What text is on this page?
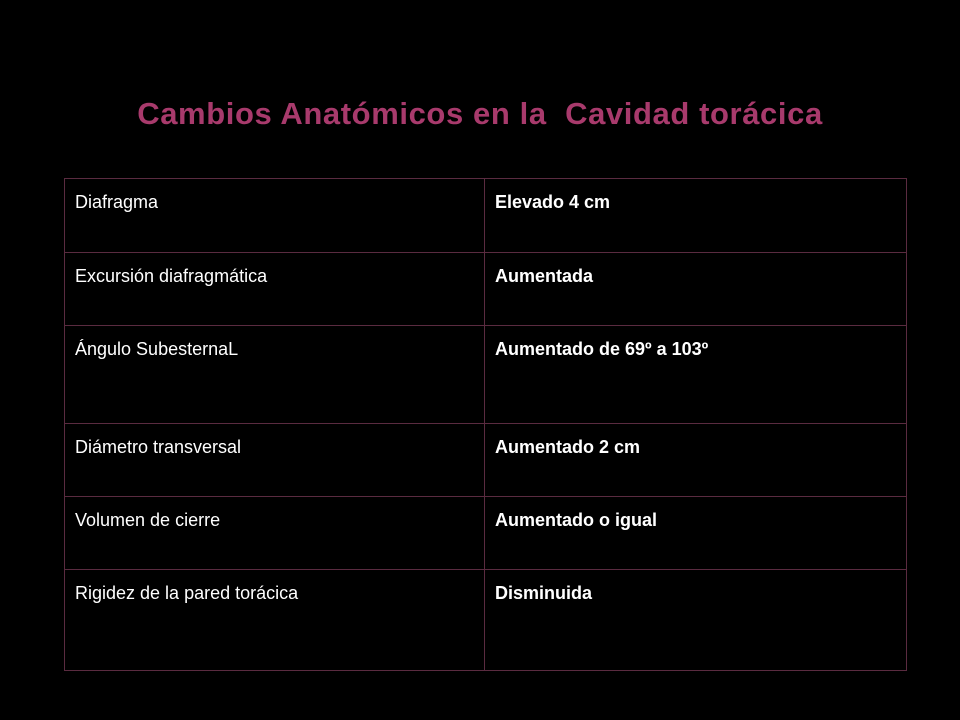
Cambios Anatómicos en la  Cavidad torácica
Diafragma	Elevado 4 cm
Excursión diafragmática	Aumentada
Ángulo SubesternaL	Aumentado de 69º a 103º
Diámetro transversal	Aumentado 2 cm
Volumen de cierre	Aumentado o igual
Rigidez de la pared torácica	Disminuida
